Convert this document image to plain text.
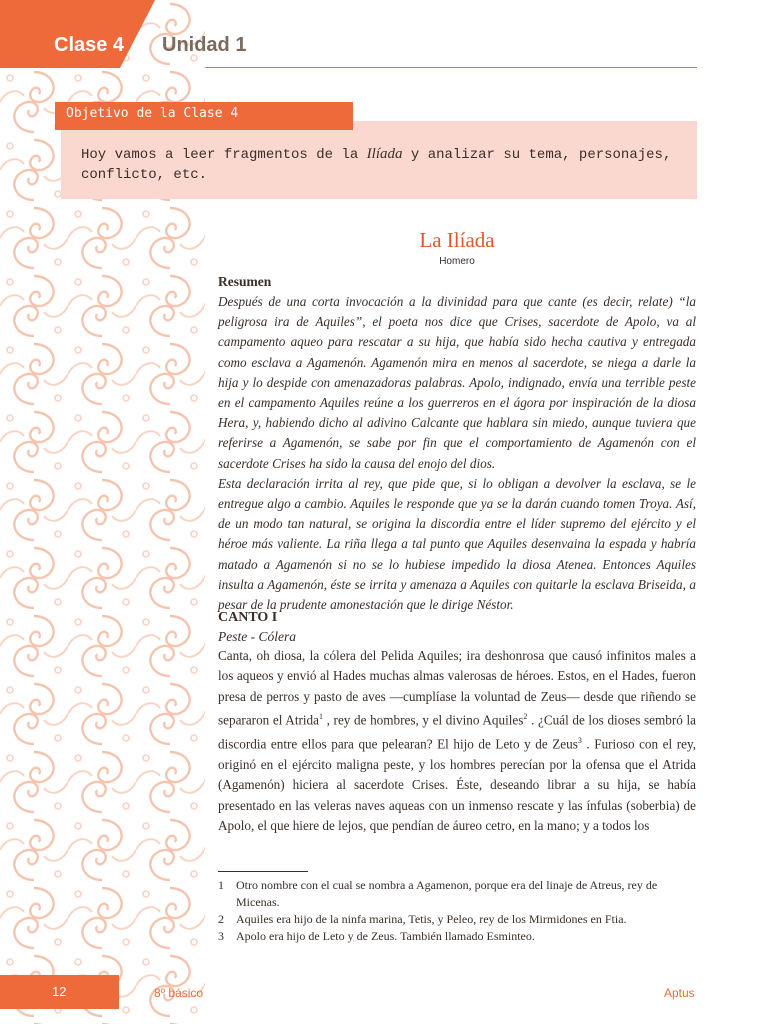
Clase 4 Unidad 1
Objetivo de la Clase 4
Hoy vamos a leer fragmentos de la Ilíada y analizar su tema, personajes, conflicto, etc.
La Ilíada
Homero
Resumen

Después de una corta invocación a la divinidad para que cante (es decir, relate) “la peligrosa ira de Aquiles”, el poeta nos dice que Crises, sacerdote de Apolo, va al campamento aqueo para rescatar a su hija, que había sido hecha cautiva y entregada como esclava a Agamenón. Agamenón mira en menos al sacerdote, se niega a darle la hija y lo despide con amenazadoras palabras. Apolo, indignado, envía una terrible peste en el campamento Aquiles reúne a los guerreros en el ágora por inspiración de la diosa Hera, y, habiendo dicho al adivino Calcante que hablara sin miedo, aunque tuviera que referirse a Agamenón, se sabe por fin que el comportamiento de Agamenón con el sacerdote Crises ha sido la causa del enojo del dios.

Esta declaración irrita al rey, que pide que, si lo obligan a devolver la esclava, se le entregue algo a cambio. Aquiles le responde que ya se la darán cuando tomen Troya. Así, de un modo tan natural, se origina la discordia entre el líder supremo del ejército y el héroe más valiente. La riña llega a tal punto que Aquiles desenvaina la espada y habría matado a Agamenón si no se lo hubiese impedido la diosa Atenea. Entonces Aquiles insulta a Agamenón, éste se irrita y amenaza a Aquiles con quitarle la esclava Briseida, a pesar de la prudente amonestación que le dirige Néstor.

CANTO I
Peste - Cólera
Canta, oh diosa, la cólera del Pelida Aquiles; ira deshonrosa que causó infinitos males a los aqueos y envió al Hades muchas almas valerosas de héroes. Estos, en el Hades, fueron presa de perros y pasto de aves —cumplíase la voluntad de Zeus— desde que riñendo se separaron el Atrida$^1$ , rey de hombres, y el divino Aquiles$^2$ . ¿Cuál de los dioses sembró la discordia entre ellos para que pelearan? El hijo de Leto y de Zeus$^3$ . Furioso con el rey, originó en el ejército maligna peste, y los hombres perecían por la ofensa que el Atrida (Agamenón) hiciera al sacerdote Crises. Éste, deseando librar a su hija, se había presentado en las veleras naves aqueas con un inmenso rescate y las ínfulas (soberbia) de Apolo, el que hiere de lejos, que pendían de áureo cetro, en la mano; y a todos los
1	Otro nombre con el cual se nombra a Agamenon, porque era del linaje de Atreus, rey de Micenas.
2	Aquiles era hijo de la ninfa marina, Tetis, y Peleo, rey de los Mirmidones en Ftia.
3	Apolo era hijo de Leto y de Zeus. También llamado Esminteo.
12	8º básico	Aptus
